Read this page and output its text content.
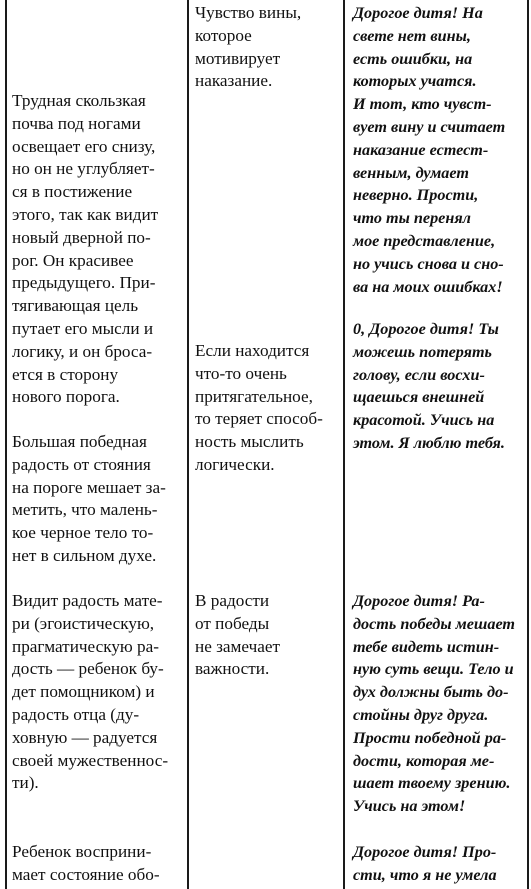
Чувство вины,
которое
мотивирует
наказание.
Дорогое дитя! На
свете нет вины,
есть ошибки, на
которых учатся.
И тот, кто чувст-
вует вину и считает
наказание естест-
венным, думает
неверно. Прости,
что ты перенял
мое представление,
но учись снова и сно-
ва на моих ошибках!
Трудная скользкая
почва под ногами
освещает его снизу,
но он не углубляет-
ся в постижение
этого, так как видит
новый дверной по-
рог. Он красивее
предыдущего. При-
тягивающая цель
путает его мысли и
логику, и он броса-
ется в сторону
нового порога.
Если находится
что-то очень
притягательное,
то теряет способ-
ность мыслить
логически.
0, Дорогое дитя! Ты
можешь потерять
голову, если восхи-
щаешься внешней
красотой. Учись на
этом. Я люблю тебя.
Большая победная
радость от стояния
на пороге мешает за-
метить, что малень-
кое черное тело то-
нет в сильном духе.
Видит радость мате-
ри (эгоистическую,
прагматическую ра-
дость — ребенок бу-
дет помощником) и
радость отца (ду-
ховную — радуется
своей мужественнос-
ти).
В радости
от победы
не замечает
важности.
Дорогое дитя! Ра-
дость победы мешает
тебе видеть истин-
ную суть вещи. Тело и
дух должны быть до-
стойны друг друга.
Прости победной ра-
дости, которая ме-
шает твоему зрению.
Учись на этом!
Ребенок восприни-
мает состояние обо-
Дорогое дитя! Про-
сти, что я не умела
